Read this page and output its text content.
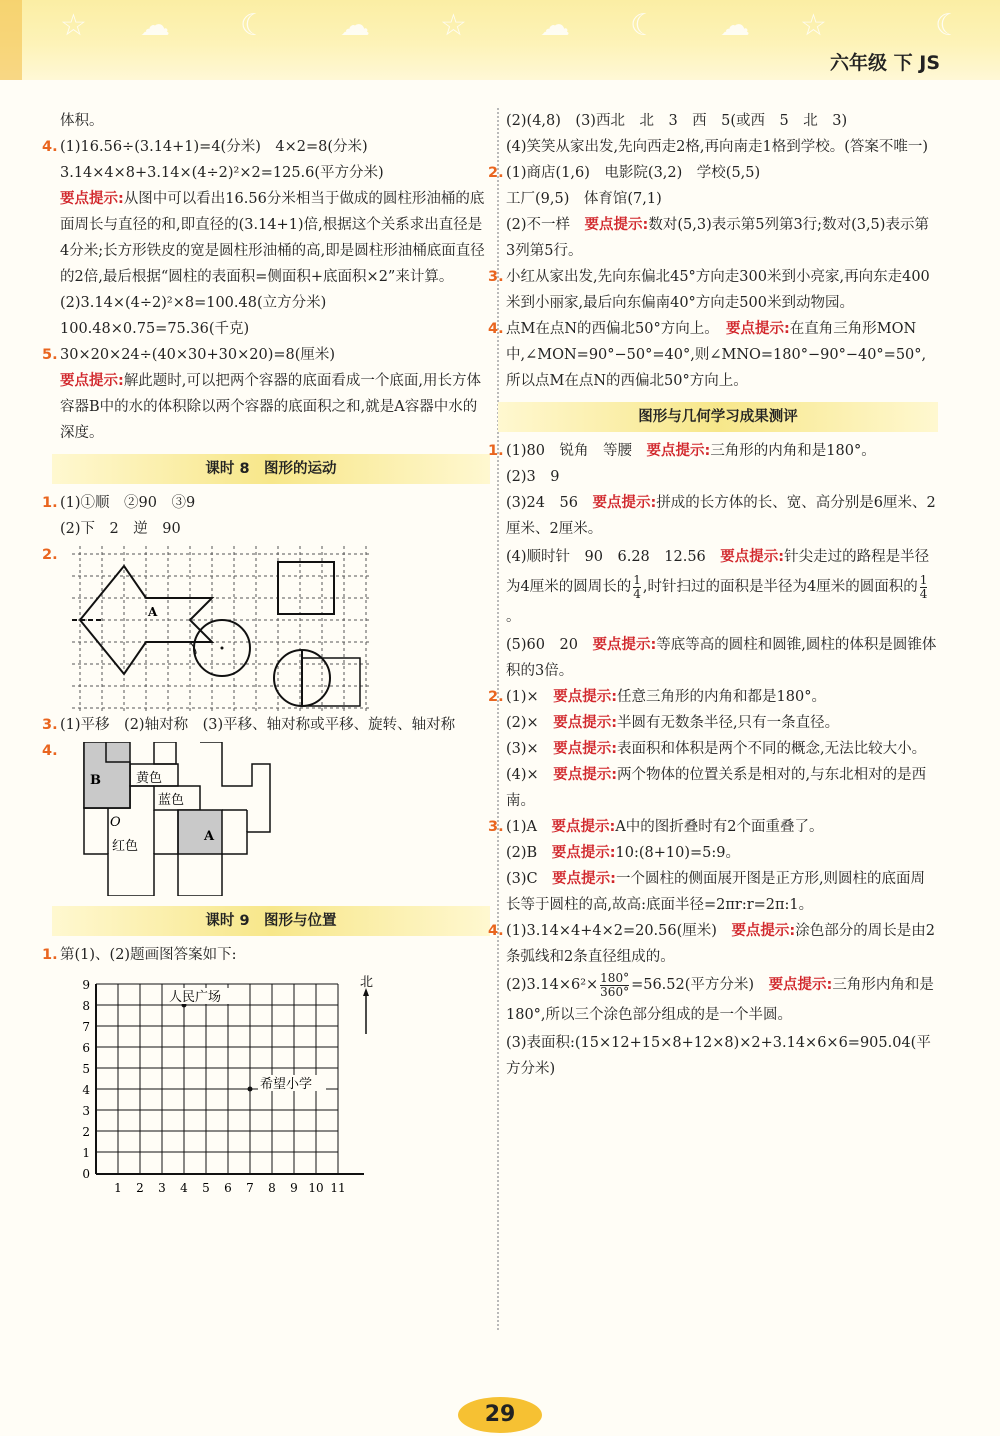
☆ ☁ ☾ ☁ ☆ ☁ ☾ ☁ ☆	☾
六年级 下 JS
体积。
4. (1)16.56÷(3.14+1)=4(分米)　4×2=8(分米)
3.14×4×8+3.14×(4÷2)²×2=125.6(平方分米)
要点提示:从图中可以看出16.56分米相当于做成的圆柱形油桶的底面周长与直径的和,即直径的(3.14+1)倍,根据这个关系求出直径是4分米;长方形铁皮的宽是圆柱形油桶的高,即是圆柱形油桶底面直径的2倍,最后根据“圆柱的表面积=侧面积+底面积×2”来计算。
(2)3.14×(4÷2)²×8=100.48(立方分米)
100.48×0.75=75.36(千克)
5. 30×20×24÷(40×30+30×20)=8(厘米)
要点提示:解此题时,可以把两个容器的底面看成一个底面,用长方体容器B中的水的体积除以两个容器的底面积之和,就是A容器中水的深度。
课时 8　图形的运动
1. (1)①顺　②90　③9
(2)下　2　逆　90
2.
A
3. (1)平移　(2)轴对称　(3)平移、轴对称或平移、旋转、轴对称
4.
B	黄色
蓝色
O
红色
A
课时 9　图形与位置
1. 第(1)、(2)题画图答案如下:
北
人民广场
希望小学
1 2 3 4 5 6 7 8 9 10 11
0
1
2
3
4
5
6
7
8
9
(2)(4,8)　(3)西北　北　3　西　5(或西　5　北　3)
(4)笑笑从家出发,先向西走2格,再向南走1格到学校。(答案不唯一)
2. (1)商店(1,6)　电影院(3,2)　学校(5,5)
工厂(9,5)　体育馆(7,1)
(2)不一样　要点提示:数对(5,3)表示第5列第3行;数对(3,5)表示第3列第5行。
3. 小红从家出发,先向东偏北45°方向走300米到小亮家,再向东走400米到小丽家,最后向东偏南40°方向走500米到动物园。
4. 点M在点N的西偏北50°方向上。　要点提示:在直角三角形MON中,∠MON=90°−50°=40°,则∠MNO=180°−90°−40°=50°,所以点M在点N的西偏北50°方向上。
图形与几何学习成果测评
1. (1)80　锐角　等腰　要点提示:三角形的内角和是180°。
(2)3　9
(3)24　56　要点提示:拼成的长方体的长、宽、高分别是6厘米、2厘米、2厘米。
(4)顺时针　90　6.28　12.56　要点提示:针尖走过的路程是半径为4厘米的圆周长的 $\frac{1}{4}$ ,时针扫过的面积是半径为4厘米的圆面积的 $\frac{1}{4}$
。
(5)60　20　要点提示:等底等高的圆柱和圆锥,圆柱的体积是圆锥体积的3倍。
2. (1)×　要点提示:任意三角形的内角和都是180°。
(2)×　要点提示:半圆有无数条半径,只有一条直径。
(3)×　要点提示:表面积和体积是两个不同的概念,无法比较大小。
(4)×　要点提示:两个物体的位置关系是相对的,与东北相对的是西南。
3. (1)A　要点提示:A中的图折叠时有2个面重叠了。
(2)B　要点提示:10:(8+10)=5:9。
(3)C　要点提示:一个圆柱的侧面展开图是正方形,则圆柱的底面周长等于圆柱的高,故高:底面半径=2πr:r=2π:1。
4. (1)3.14×4+4×2=20.56(厘米)　要点提示:涂色部分的周长是由2条弧线和2条直径组成的。
$(2)3.14\times 6^2\times \frac{180^\circ}{360^\circ} =56.52$(平方分米)　要点提示:三角形内角和是180°,所以三个涂色部分组成的是一个半圆。
(3)表面积:(15×12+15×8+12×8)×2+3.14×6×6=905.04(平方分米)
29
